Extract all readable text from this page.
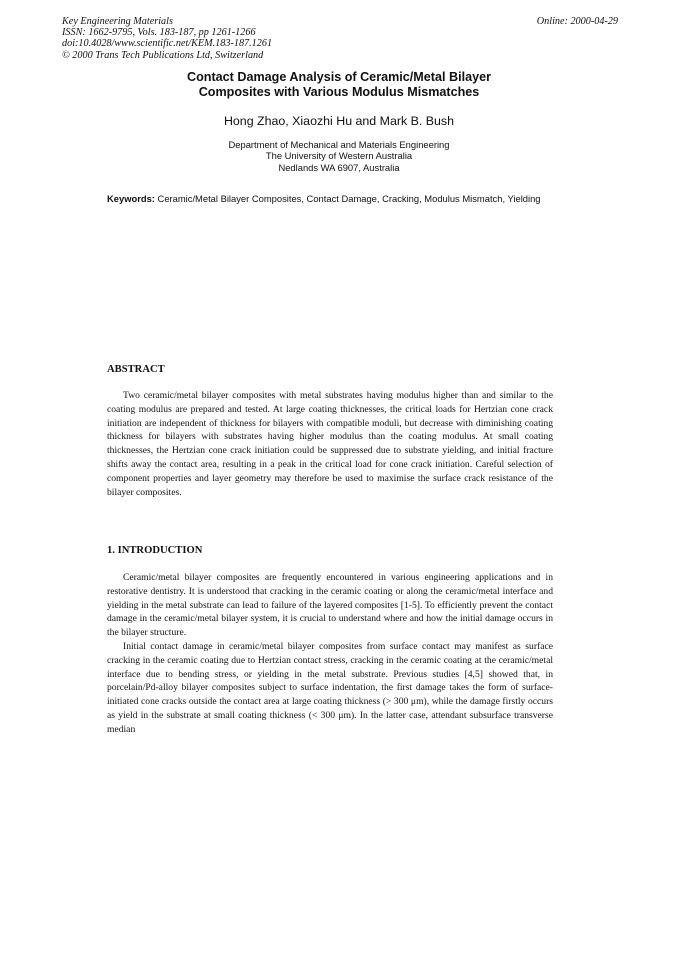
Key Engineering Materials
ISSN: 1662-9795, Vols. 183-187, pp 1261-1266
doi:10.4028/www.scientific.net/KEM.183-187.1261
© 2000 Trans Tech Publications Ltd, Switzerland
Online: 2000-04-29
Contact Damage Analysis of Ceramic/Metal Bilayer
Composites with Various Modulus Mismatches
Hong Zhao, Xiaozhi Hu and Mark B. Bush
Department of Mechanical and Materials Engineering
The University of Western Australia
Nedlands WA 6907, Australia
Keywords: Ceramic/Metal Bilayer Composites, Contact Damage, Cracking, Modulus Mismatch, Yielding
ABSTRACT

Two ceramic/metal bilayer composites with metal substrates having modulus higher than and similar to the coating modulus are prepared and tested. At large coating thicknesses, the critical loads for Hertzian cone crack initiation are independent of thickness for bilayers with compatible moduli, but decrease with diminishing coating thickness for bilayers with substrates having higher modulus than the coating modulus. At small coating thicknesses, the Hertzian cone crack initiation could be suppressed due to substrate yielding, and initial fracture shifts away the contact area, resulting in a peak in the critical load for cone crack initiation. Careful selection of component properties and layer geometry may therefore be used to maximise the surface crack resistance of the bilayer composites.

1. INTRODUCTION

Ceramic/metal bilayer composites are frequently encountered in various engineering applications and in restorative dentistry. It is understood that cracking in the ceramic coating or along the ceramic/metal interface and yielding in the metal substrate can lead to failure of the layered composites [1-5]. To efficiently prevent the contact damage in the ceramic/metal bilayer system, it is crucial to understand where and how the initial damage occurs in the bilayer structure.

Initial contact damage in ceramic/metal bilayer composites from surface contact may manifest as surface cracking in the ceramic coating due to Hertzian contact stress, cracking in the ceramic coating at the ceramic/metal interface due to bending stress, or yielding in the metal substrate. Previous studies [4,5] showed that, in porcelain/Pd-alloy bilayer composites subject to surface indentation, the first damage takes the form of surface-initiated cone cracks outside the contact area at large coating thickness (> 300 μm), while the damage firstly occurs as yield in the substrate at small coating thickness (< 300 μm). In the latter case, attendant subsurface transverse median
